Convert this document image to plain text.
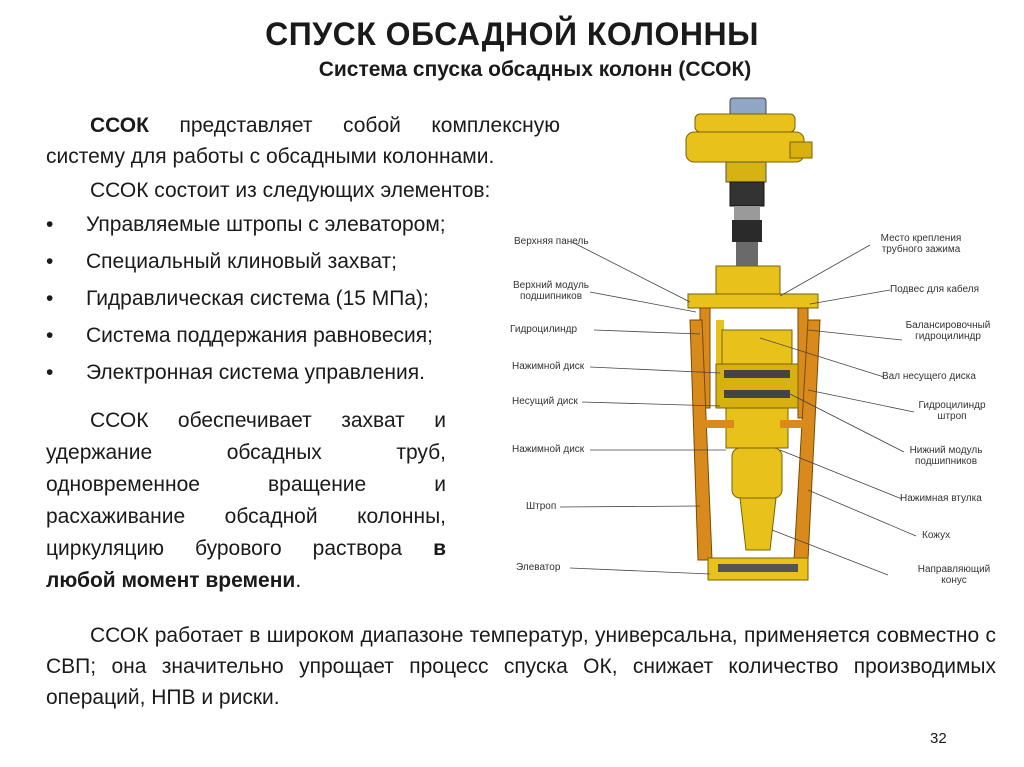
СПУСК ОБСАДНОЙ КОЛОННЫ
Система спуска обсадных колонн (ССОК)

ССОК представляет собой комплексную систему для работы с обсадными колоннами.

ССОК состоит из следующих элементов:

• Управляемые штропы с элеватором;
• Специальный клиновый захват;
• Гидравлическая система (15 МПа);
• Система поддержания равновесия;
• Электронная система управления.

ССОК обеспечивает захват и удержание обсадных труб, одновременное вращение и расхаживание обсадной колонны, циркуляцию бурового раствора в любой момент времени.

ССОК работает в широком диапазоне температур, универсальна, применяется совместно с СВП; она значительно упрощает процесс спуска ОК, снижает количество производимых операций, НПВ и риски.

32
Верхняя панель
Верхний модуль подшипников
Гидроцилиндр
Нажимной диск
Несущий диск
Нажимной диск
Штроп
Элеватор
Место крепления трубного зажима
Подвес для кабеля
Балансировочный гидроцилиндр
Вал несущего диска
Гидроцилиндр штроп
Нижний модуль подшипников
Нажимная втулка
Кожух
Направляющий конус
